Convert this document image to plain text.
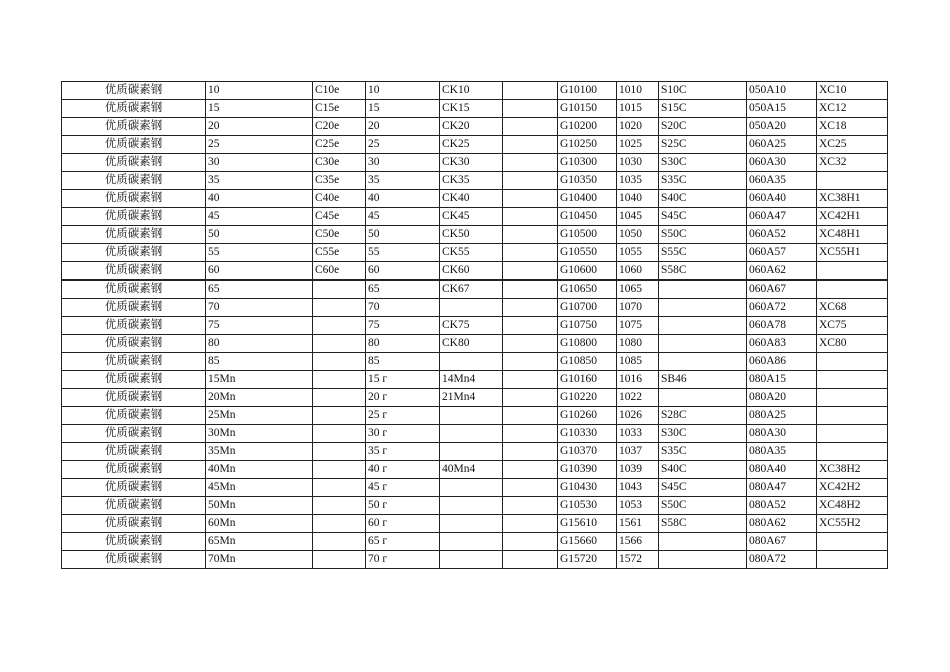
优质碳素钢	10	C10e	10	CK10		G10100	1010	S10C	050A10	XC10
优质碳素钢	15	C15e	15	CK15		G10150	1015	S15C	050A15	XC12
优质碳素钢	20	C20e	20	CK20		G10200	1020	S20C	050A20	XC18
优质碳素钢	25	C25e	25	CK25		G10250	1025	S25C	060A25	XC25
优质碳素钢	30	C30e	30	CK30		G10300	1030	S30C	060A30	XC32
优质碳素钢	35	C35e	35	CK35		G10350	1035	S35C	060A35	
优质碳素钢	40	C40e	40	CK40		G10400	1040	S40C	060A40	XC38H1
优质碳素钢	45	C45e	45	CK45		G10450	1045	S45C	060A47	XC42H1
优质碳素钢	50	C50e	50	CK50		G10500	1050	S50C	060A52	XC48H1
优质碳素钢	55	C55e	55	CK55		G10550	1055	S55C	060A57	XC55H1
优质碳素钢	60	C60e	60	CK60		G10600	1060	S58C	060A62	
优质碳素钢	65		65	CK67		G10650	1065		060A67	
优质碳素钢	70		70			G10700	1070		060A72	XC68
优质碳素钢	75		75	CK75		G10750	1075		060A78	XC75
优质碳素钢	80		80	CK80		G10800	1080		060A83	XC80
优质碳素钢	85		85			G10850	1085		060A86	
优质碳素钢	15Mn		15 г	14Mn4		G10160	1016	SB46	080A15	
优质碳素钢	20Mn		20 г	21Mn4		G10220	1022		080A20	
优质碳素钢	25Mn		25 г			G10260	1026	S28C	080A25	
优质碳素钢	30Mn		30 г			G10330	1033	S30C	080A30	
优质碳素钢	35Mn		35 г			G10370	1037	S35C	080A35	
优质碳素钢	40Mn		40 г	40Mn4		G10390	1039	S40C	080A40	XC38H2
优质碳素钢	45Mn		45 г			G10430	1043	S45C	080A47	XC42H2
优质碳素钢	50Mn		50 г			G10530	1053	S50C	080A52	XC48H2
优质碳素钢	60Mn		60 г			G15610	1561	S58C	080A62	XC55H2
优质碳素钢	65Mn		65 г			G15660	1566		080A67	
优质碳素钢	70Mn		70 г			G15720	1572		080A72	
